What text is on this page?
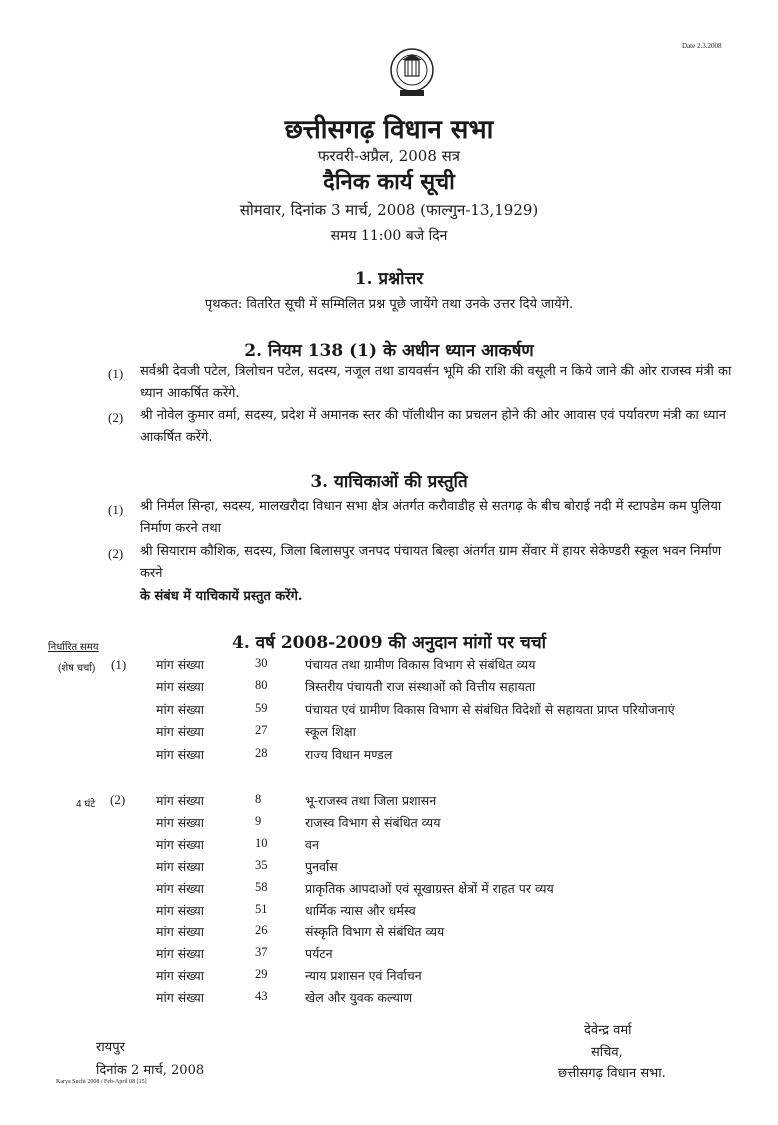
Date 2.3.2008
छत्तीसगढ़ विधान सभा
फरवरी-अप्रैल, 2008 सत्र
दैनिक कार्य सूची
सोमवार, दिनांक 3 मार्च, 2008 (फाल्गुन-13,1929)
समय 11:00 बजे दिन
1. प्रश्नोत्तर
पृथकत: वितरित सूची में सम्मिलित प्रश्न पूछे जायेंगे तथा उनके उत्तर दिये जायेंगे.
2. नियम 138 (1) के अधीन ध्यान आकर्षण
(1) सर्वश्री देवजी पटेल, त्रिलोचन पटेल, सदस्य, नजूल तथा डायवर्सन भूमि की राशि की वसूली न किये जाने की ओर राजस्व मंत्री का ध्यान आकर्षित करेंगे.
(2) श्री नोवेल कुमार वर्मा, सदस्य, प्रदेश में अमानक स्तर की पॉलीथीन का प्रचलन होने की ओर आवास एवं पर्यावरण मंत्री का ध्यान आकर्षित करेंगे.
3. याचिकाओं की प्रस्तुति
(1) श्री निर्मल सिन्हा, सदस्य, मालखरौदा विधान सभा क्षेत्र अंतर्गत करौवाडीह से सतगढ़ के बीच बोराई नदी में स्टापडेम कम पुलिया निर्माण करने तथा
(2) श्री सियाराम कौशिक, सदस्य, जिला बिलासपुर जनपद पंचायत बिल्हा अंतर्गत ग्राम सेंवार में हायर सेकेण्डरी स्कूल भवन निर्माण करने
के संबंध में याचिकायें प्रस्तुत करेंगे.
निर्धारित समय	4. वर्ष 2008-2009 की अनुदान मांगों पर चर्चा
(शेष चर्चा) (1) मांग संख्या	30	पंचायत तथा ग्रामीण विकास विभाग से संबंधित व्यय
मांग संख्या	80	त्रिस्तरीय पंचायती राज संस्थाओं को वित्तीय सहायता
मांग संख्या	59	पंचायत एवं ग्रामीण विकास विभाग से संबंधित विदेशों से सहायता प्राप्त परियोजनाएं
मांग संख्या	27	स्कूल शिक्षा
मांग संख्या	28	राज्य विधान मण्डल
4 घंटे (2) मांग संख्या	8	भू-राजस्व तथा जिला प्रशासन
मांग संख्या	9	राजस्व विभाग से संबंधित व्यय
मांग संख्या	10	वन
मांग संख्या	35	पुनर्वास
मांग संख्या	58	प्राकृतिक आपदाओं एवं सूखाग्रस्त क्षेत्रों में राहत पर व्यय
मांग संख्या	51	धार्मिक न्यास और धर्मस्व
मांग संख्या	26	संस्कृति विभाग से संबंधित व्यय
मांग संख्या	37	पर्यटन
मांग संख्या	29	न्याय प्रशासन एवं निर्वाचन
मांग संख्या	43	खेल और युवक कल्याण
रायपुर
दिनांक 2 मार्च, 2008
Karya Suchi 2008 / Feb-April 08 [15]
देवेन्द्र वर्मा
सचिव,
छत्तीसगढ़ विधान सभा.
